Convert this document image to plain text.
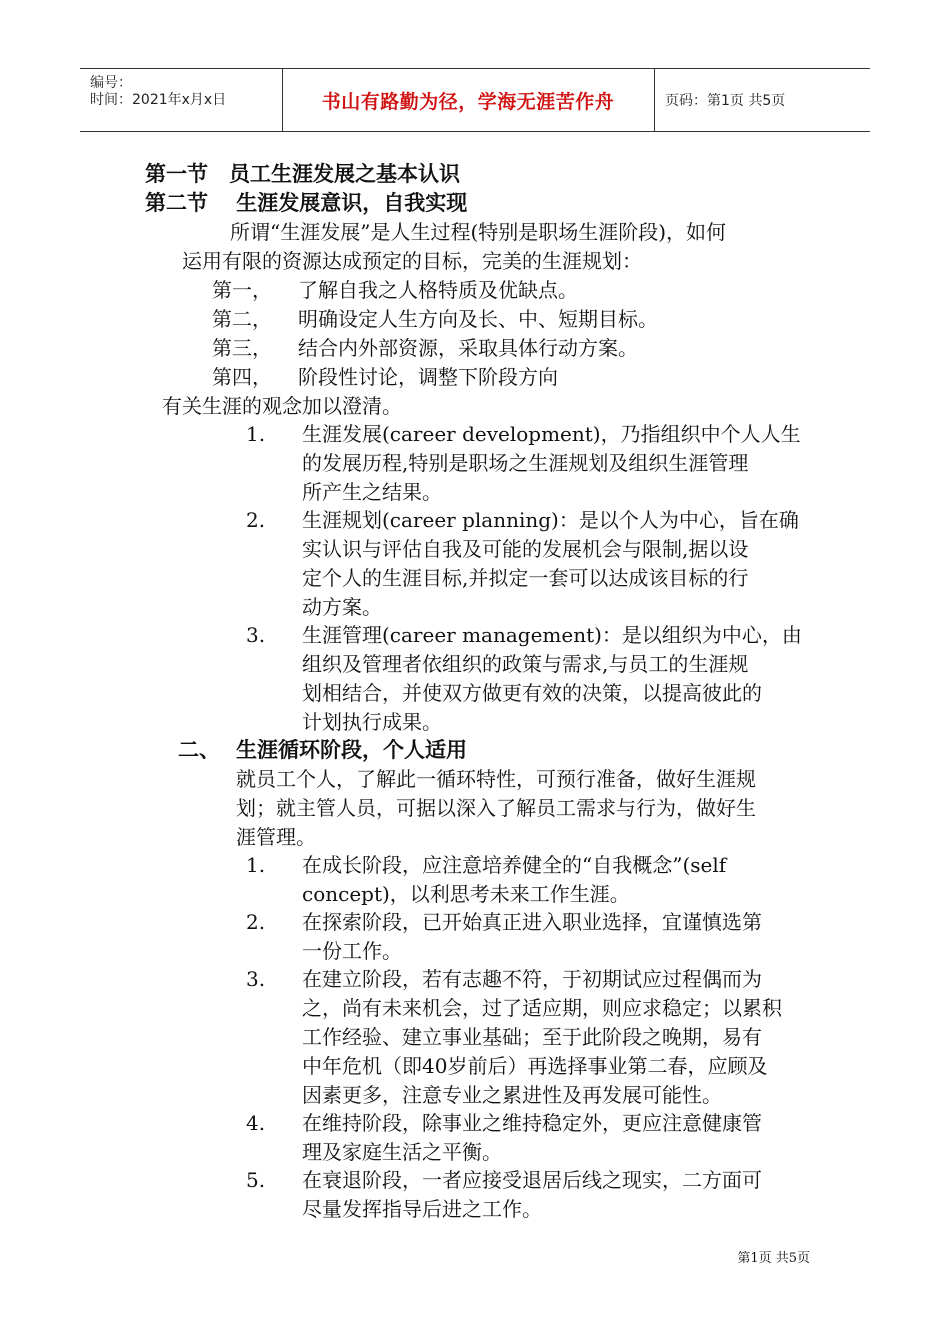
编号：
时间：2021年x月x日	书山有路勤为径，学海无涯苦作舟	页码：第1页 共5页
第一节　员工生涯发展之基本认识
第二节　 生涯发展意识，自我实现
所谓“生涯发展”是人生过程(特别是职场生涯阶段)，如何
运用有限的资源达成预定的目标，完美的生涯规划：
第一， 了解自我之人格特质及优缺点。
第二， 明确设定人生方向及长、中、短期目标。
第三， 结合内外部资源，采取具体行动方案。
第四， 阶段性讨论，调整下阶段方向
有关生涯的观念加以澄清。
1. 生涯发展(career development)，乃指组织中个人人生
的发展历程,特别是职场之生涯规划及组织生涯管理
所产生之结果。
2. 生涯规划(career planning)：是以个人为中心，旨在确
实认识与评估自我及可能的发展机会与限制,据以设
定个人的生涯目标,并拟定一套可以达成该目标的行
动方案。
3. 生涯管理(career management)：是以组织为中心，由
组织及管理者依组织的政策与需求,与员工的生涯规
划相结合，并使双方做更有效的决策，以提高彼此的
计划执行成果。
二、 生涯循环阶段，个人适用
就员工个人，了解此一循环特性，可预行准备，做好生涯规
划；就主管人员，可据以深入了解员工需求与行为，做好生
涯管理。
1. 在成长阶段，应注意培养健全的“自我概念”(self
concept)，以利思考未来工作生涯。
2. 在探索阶段，已开始真正进入职业选择，宜谨慎选第
一份工作。
3. 在建立阶段，若有志趣不符，于初期试应过程偶而为
之，尚有未来机会，过了适应期，则应求稳定；以累积
工作经验、建立事业基础；至于此阶段之晚期，易有
中年危机（即40岁前后）再选择事业第二春，应顾及
因素更多，注意专业之累进性及再发展可能性。
4. 在维持阶段，除事业之维持稳定外，更应注意健康管
理及家庭生活之平衡。
5. 在衰退阶段，一者应接受退居后线之现实，二方面可
尽量发挥指导后进之工作。
第1页 共5页
